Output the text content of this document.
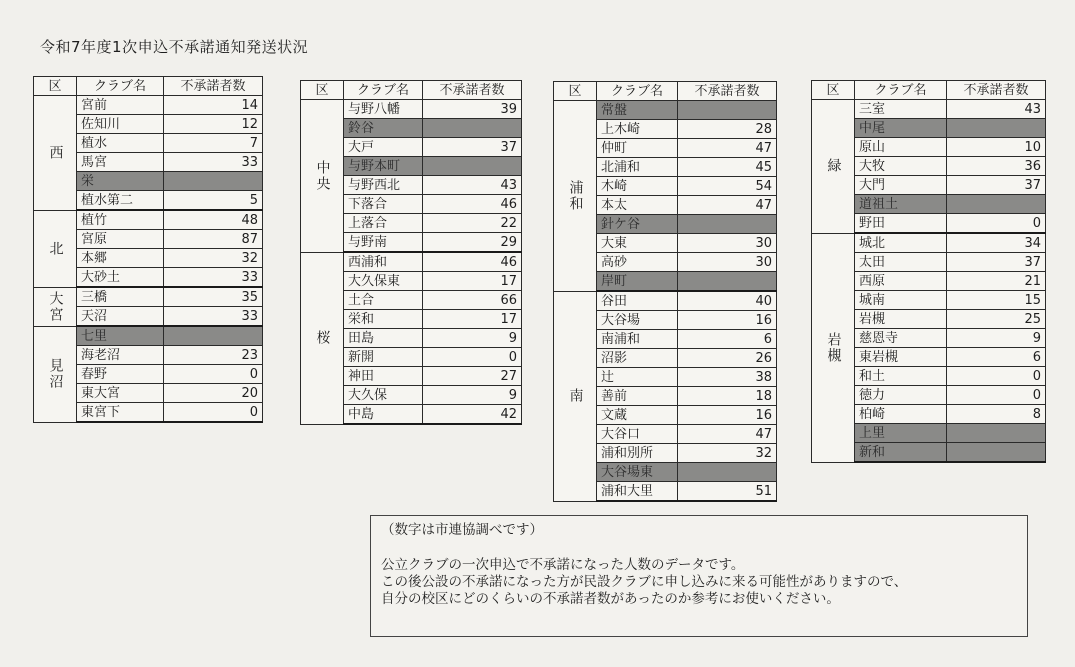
令和7年度1次申込不承諾通知発送状況
区	クラブ名	不承諾者数
西	宮前	14
	佐知川	12
	植水	7
	馬宮	33
	栄	
	植水第二	5
北	植竹	48
	宮原	87
	本郷	32
	大砂土	33
大宮	三橋	35
	天沼	33
見沼	七里	
	海老沼	23
	春野	0
	東大宮	20
	東宮下	0
区	クラブ名	不承諾者数
中央	与野八幡	39
	鈴谷	
	大戸	37
	与野本町	
	与野西北	43
	下落合	46
	上落合	22
	与野南	29
桜	西浦和	46
	大久保東	17
	土合	66
	栄和	17
	田島	9
	新開	0
	神田	27
	大久保	9
	中島	42
区	クラブ名	不承諾者数
浦和	常盤	
	上木崎	28
	仲町	47
	北浦和	45
	木崎	54
	本太	47
	針ケ谷	
	大東	30
	高砂	30
	岸町	
南	谷田	40
	大谷場	16
	南浦和	6
	沼影	26
	辻	38
	善前	18
	文蔵	16
	大谷口	47
	浦和別所	32
	大谷場東	
	浦和大里	51
区	クラブ名	不承諾者数
緑	三室	43
	中尾	
	原山	10
	大牧	36
	大門	37
	道祖土	
	野田	0
岩槻	城北	34
	太田	37
	西原	21
	城南	15
	岩槻	25
	慈恩寺	9
	東岩槻	6
	和土	0
	徳力	0
	柏崎	8
	上里	
	新和	

（数字は市連協調べです）

公立クラブの一次申込で不承諾になった人数のデータです。

この後公設の不承諾になった方が民設クラブに申し込みに来る可能性がありますので、

自分の校区にどのくらいの不承諾者数があったのか参考にお使いください。
